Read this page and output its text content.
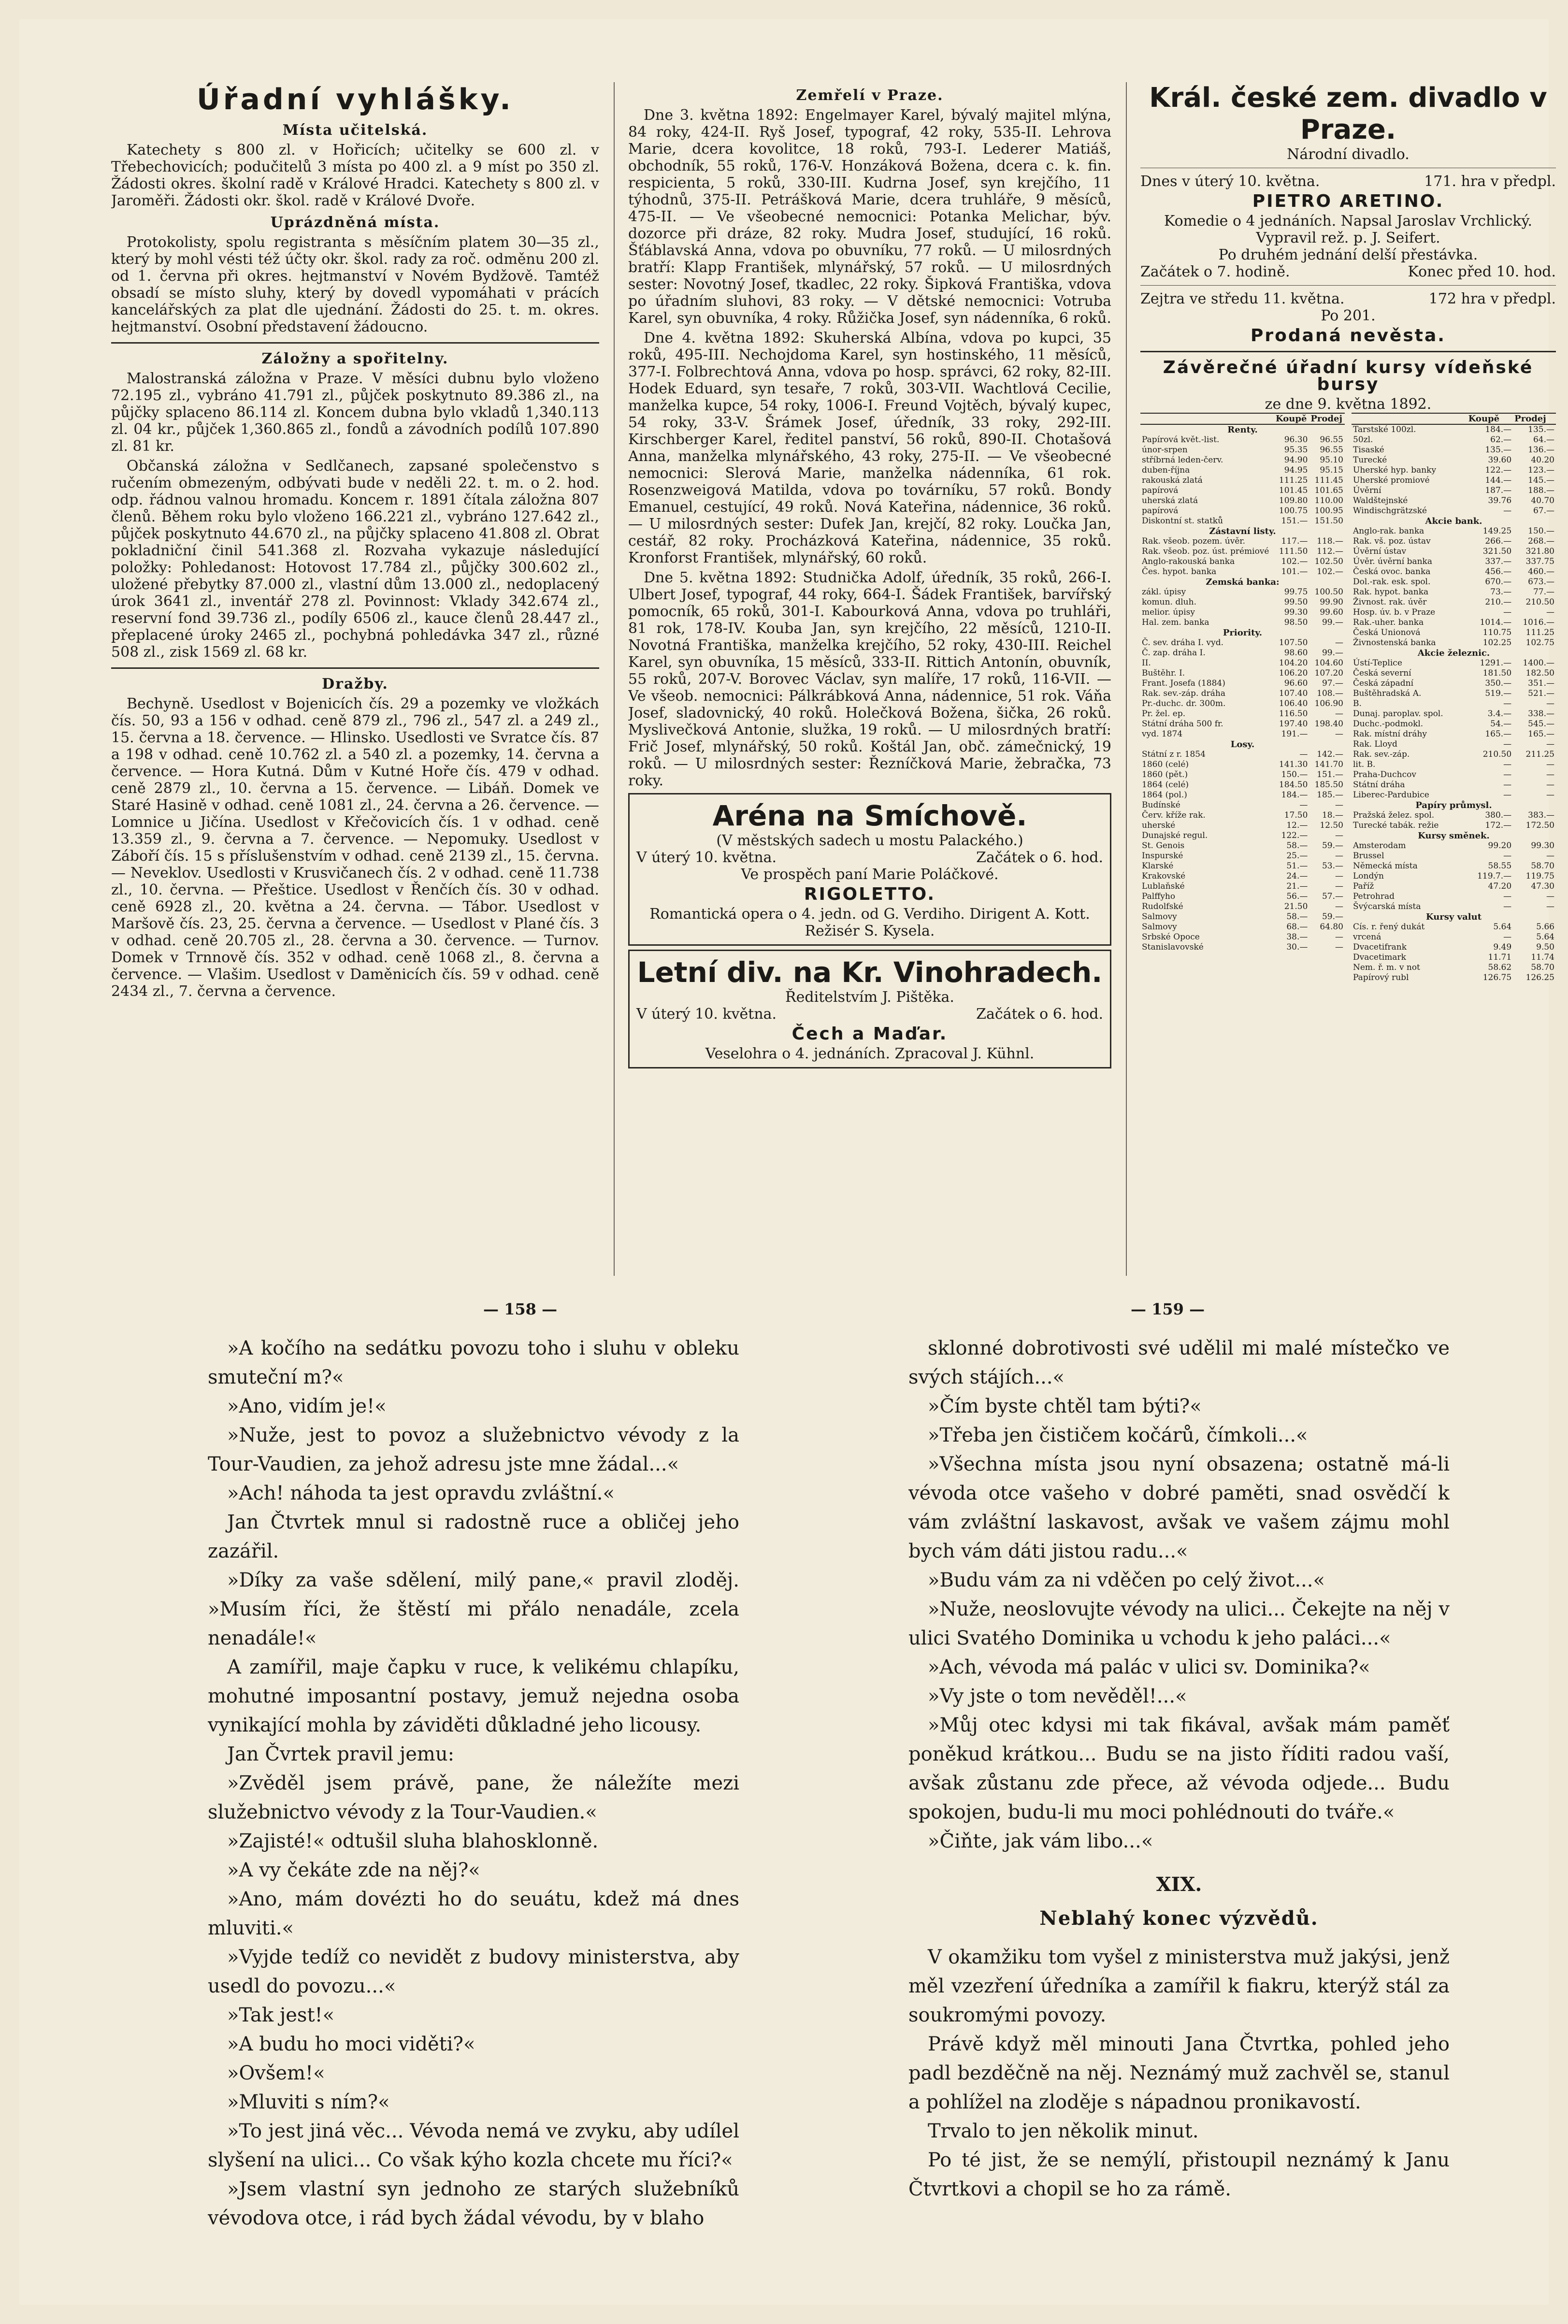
Úřadní vyhlášky.
Místa učitelská.

Katechety s 800 zl. v Hořicích; učitelky se 600 zl. v Třebechovicích; podučitelů 3 místa po 400 zl. a 9 míst po 350 zl. Žádosti okres. školní radě v Králové Hradci. Katechety s 800 zl. v Jaroměři. Žádosti okr. škol. radě v Králové Dvoře.

Uprázdněná místa.

Protokolisty, spolu registranta s měsíčním platem 30—35 zl., který by mohl vésti též účty okr. škol. rady za roč. odměnu 200 zl. od 1. června při okres. hejtmanství v Novém Bydžově. Tamtéž obsadí se místo sluhy, který by dovedl vypomáhati v prácích kancelářských za plat dle ujednání. Žádosti do 25. t. m. okres. hejtmanství. Osobní představení žádoucno.

Záložny a spořitelny.

Malostranská záložna v Praze. V měsíci dubnu bylo vloženo 72.195 zl., vybráno 41.791 zl., půjček poskytnuto 89.386 zl., na půjčky splaceno 86.114 zl. Koncem dubna bylo vkladů 1,340.113 zl. 04 kr., půjček 1,360.865 zl., fondů a závodních podílů 107.890 zl. 81 kr.

Občanská záložna v Sedlčanech, zapsané společenstvo s ručením obmezeným, odbývati bude v neděli 22. t. m. o 2. hod. odp. řádnou valnou hromadu. Koncem r. 1891 čítala záložna 807 členů. Během roku bylo vloženo 166.221 zl., vybráno 127.642 zl., půjček poskytnuto 44.670 zl., na půjčky splaceno 41.808 zl. Obrat pokladniční činil 541.368 zl. Rozvaha vykazuje následující položky: Pohledanost: Hotovost 17.784 zl., půjčky 300.602 zl., uložené přebytky 87.000 zl., vlastní dům 13.000 zl., nedoplacený úrok 3641 zl., inventář 278 zl. Povinnost: Vklady 342.674 zl., reservní fond 39.736 zl., podíly 6506 zl., kauce členů 28.447 zl., přeplacené úroky 2465 zl., pochybná pohledávka 347 zl., různé 508 zl., zisk 1569 zl. 68 kr.

Dražby.

Bechyně. Usedlost v Bojenicích čís. 29 a pozemky ve vložkách čís. 50, 93 a 156 v odhad. ceně 879 zl., 796 zl., 547 zl. a 249 zl., 15. června a 18. července. — Hlinsko. Usedlosti ve Svratce čís. 87 a 198 v odhad. ceně 10.762 zl. a 540 zl. a pozemky, 14. června a července. — Hora Kutná. Dům v Kutné Hoře čís. 479 v odhad. ceně 2879 zl., 10. června a 15. července. — Libáň. Domek ve Staré Hasině v odhad. ceně 1081 zl., 24. června a 26. července. — Lomnice u Jičína. Usedlost v Křečovicích čís. 1 v odhad. ceně 13.359 zl., 9. června a 7. července. — Nepomuky. Usedlost v Záboří čís. 15 s příslušenstvím v odhad. ceně 2139 zl., 15. června. — Neveklov. Usedlosti v Krusvičanech čís. 2 v odhad. ceně 11.738 zl., 10. června. — Přeštice. Usedlost v Řenčích čís. 30 v odhad. ceně 6928 zl., 20. května a 24. června. — Tábor. Usedlost v Maršově čís. 23, 25. června a července. — Usedlost v Plané čís. 3 v odhad. ceně 20.705 zl., 28. června a 30. července. — Turnov. Domek v Trnnově čís. 352 v odhad. ceně 1068 zl., 8. června a července. — Vlašim. Usedlost v Daměnicích čís. 59 v odhad. ceně 2434 zl., 7. června a července.

Zemřelí v Praze.

Dne 3. května 1892: Engelmayer Karel, bývalý majitel mlýna, 84 roky, 424-II. Ryš Josef, typograf, 42 roky, 535-II. Lehrova Marie, dcera kovolitce, 18 roků, 793-I. Lederer Matiáš, obchodník, 55 roků, 176-V. Honzáková Božena, dcera c. k. fin. respicienta, 5 roků, 330-III. Kudrna Josef, syn krejčího, 11 týhodnů, 375-II. Petrášková Marie, dcera truhláře, 9 měsíců, 475-II. — Ve všeobecné nemocnici: Potanka Melichar, býv. dozorce při dráze, 82 roky. Mudra Josef, studující, 16 roků. Šťáblavská Anna, vdova po obuvníku, 77 roků. — U milosrdných bratří: Klapp František, mlynářský, 57 roků. — U milosrdných sester: Novotný Josef, tkadlec, 22 roky. Šipková Františka, vdova po úřadním sluhovi, 83 roky. — V dětské nemocnici: Votruba Karel, syn obuvníka, 4 roky. Růžička Josef, syn nádenníka, 6 roků.

Dne 4. května 1892: Skuherská Albína, vdova po kupci, 35 roků, 495-III. Nechojdoma Karel, syn hostinského, 11 měsíců, 377-I. Folbrechtová Anna, vdova po hosp. správci, 62 roky, 82-III. Hodek Eduard, syn tesaře, 7 roků, 303-VII. Wachtlová Cecilie, manželka kupce, 54 roky, 1006-I. Freund Vojtěch, bývalý kupec, 54 roky, 33-V. Šrámek Josef, úředník, 33 roky, 292-III. Kirschberger Karel, ředitel panství, 56 roků, 890-II. Chotašová Anna, manželka mlynářského, 43 roky, 275-II. — Ve všeobecné nemocnici: Slerová Marie, manželka nádenníka, 61 rok. Rosenzweigová Matilda, vdova po továrníku, 57 roků. Bondy Emanuel, cestující, 49 roků. Nová Kateřina, nádennice, 36 roků. — U milosrdných sester: Dufek Jan, krejčí, 82 roky. Loučka Jan, cestář, 82 roky. Procházková Kateřina, nádennice, 35 roků. Kronforst František, mlynářský, 60 roků.

Dne 5. května 1892: Studnička Adolf, úředník, 35 roků, 266-I. Ulbert Josef, typograf, 44 roky, 664-I. Šádek František, barvířský pomocník, 65 roků, 301-I. Kabourková Anna, vdova po truhláři, 81 rok, 178-IV. Kouba Jan, syn krejčího, 22 měsíců, 1210-II. Novotná Františka, manželka krejčího, 52 roky, 430-III. Reichel Karel, syn obuvníka, 15 měsíců, 333-II. Rittich Antonín, obuvník, 55 roků, 207-V. Borovec Václav, syn malíře, 17 roků, 116-VII. — Ve všeob. nemocnici: Pálkrábková Anna, nádennice, 51 rok. Váňa Josef, sladovnický, 40 roků. Holečková Božena, šička, 26 roků. Myslivečková Antonie, služka, 19 roků. — U milosrdných bratří: Frič Josef, mlynářský, 50 roků. Koštál Jan, obč. zámečnický, 19 roků. — U milosrdných sester: Řezníčková Marie, žebračka, 73 roky.

Aréna na Smíchově.
(V městských sadech u mostu Palackého.)
V úterý 10. května.	Začátek o 6. hod.
Ve prospěch paní Marie Poláčkové.
RIGOLETTO.
Romantická opera o 4. jedn. od G. Verdiho. Dirigent A. Kott. Režisér S. Kysela.
Letní div. na Kr. Vinohradech.
Ředitelstvím J. Pištěka.
V úterý 10. května.	Začátek o 6. hod.
Čech a Maďar.
Veselohra o 4. jednáních. Zpracoval J. Kühnl.
Král. české zem. divadlo v Praze.
Národní divadlo.
Dnes v úterý 10. května.	171. hra v předpl.
PIETRO ARETINO.
Komedie o 4 jednáních. Napsal Jaroslav Vrchlický. Vypravil rež. p. J. Seifert.
Po druhém jednání delší přestávka.
Začátek o 7. hodině.	Konec před 10. hod.
Zejtra ve středu 11. května.	172 hra v předpl.
Po 201.
Prodaná nevěsta.
Závěrečné úřadní kursy vídeňské bursy
ze dne 9. května 1892.
	Koupě	Prodej
Renty.		
Papírová květ.-list.	96.30	96.55
únor-srpen	95.35	96.55
stříbrná leden-červ.	94.90	95.10
duben-října	94.95	95.15
rakouská zlatá	111.25	111.45
papírová	101.45	101.65
uherská zlatá	109.80	110.00
papírová	100.75	100.95
Diskontní st. statků	151.—	151.50
Zástavní listy.		
Rak. všeob. pozem. úvěr.	117.—	118.—
Rak. všeob. poz. úst. prémiové	111.50	112.—
Anglo-rakouská banka	102.—	102.50
Čes. hypot. banka	101.—	102.—
Zemská banka:		
zákl. úpisy	99.75	100.50
komun. dluh.	99.50	99.90
melior. úpisy	99.30	99.60
Hal. zem. banka	98.50	99.—
Priority.		
Č. sev. dráha I. vyd.	107.50	—
Č. zap. dráha I.	98.60	99.—
II.	104.20	104.60
Buštěhr. I.	106.20	107.20
Frant. Josefa (1884)	96.60	97.—
Rak. sev.-záp. dráha	107.40	108.—
Pr.-duchc. dr. 300m.	106.40	106.90
Pr. žel. ep.	116.50	—
Státní dráha 500 fr.	197.40	198.40
vyd. 1874	191.—	—
Losy.		
Státní z r. 1854	—	142.—
1860 (celé)	141.30	141.70
1860 (pět.)	150.—	151.—
1864 (celé)	184.50	185.50
1864 (pol.)	184.—	185.—
Budínské	—	—
Červ. kříže rak.	17.50	18.—
uherské	12.—	12.50
Dunajské regul.	122.—	—
St. Genois	58.—	59.—
Inspurské	25.—	—
Klarské	51.—	53.—
Krakovské	24.—	—
Lublaňské	21.—	—
Palffyho	56.—	57.—
Rudolfské	21.50	—
Salmovy	58.—	59.—
Salmovy	68.—	64.80
Srbské Opoce	38.—	—
Stanislavovské	30.—	—
	Koupě	Prodej
Tarstské 100zl.	184.—	135.—
50zl.	62.—	64.—
Tisaské	135.—	136.—
Turecké	39.60	40.20
Uherské hyp. banky	122.—	123.—
Uherské promiové	144.—	145.—
Úvěrní	187.—	188.—
Waldštejnské	39.76	40.70
Windischgrätzské	—	67.—
Akcie bank.		
Anglo-rak. banka	149.25	150.—
Rak. vš. poz. ústav	266.—	268.—
Úvěrní ústav	321.50	321.80
Úvěr. úvěrní banka	337.—	337.75
Česká ovoc. banka	456.—	460.—
Dol.-rak. esk. spol.	670.—	673.—
Rak. hypot. banka	73.—	77.—
Živnost. rak. úvěr	210.—	210.50
Hosp. úv. b. v Praze	—	—
Rak.-uher. banka	1014.—	1016.—
Česká Unionová	110.75	111.25
Živnostenská banka	102.25	102.75
Akcie železnic.		
Ústí-Teplice	1291.—	1400.—
Česká severní	181.50	182.50
Česká západní	350.—	351.—
Buštěhradská A.	519.—	521.—
B.	—	—
Dunaj. paroplav. spol.	3.4.—	338.—
Duchc.-podmokl.	54.—	545.—
Rak. místní dráhy	165.—	165.—
Rak. Lloyd	—	—
Rak. sev.-záp.	210.50	211.25
lit. B.	—	—
Praha-Duchcov	—	—
Státní dráha	—	—
Liberec-Pardubice	—	—
Papíry průmysl.		
Pražská želez. spol.	380.—	383.—
Turecké tabák. režie	172.—	172.50
Kursy směnek.		
Amsterodam	99.20	99.30
Brussel	—	—
Německá místa	58.55	58.70
Londýn	119.7.—	119.75
Paříž	47.20	47.30
Petrohrad	—	—
Švýcarská místa	—	—
Kursy valut		
Cís. r. řený dukát	5.64	5.66
vrcená	—	5.64
Dvacetifrank	9.49	9.50
Dvacetimark	11.71	11.74
Nem. ř. m. v not	58.62	58.70
Papírový rubl	126.75	126.25
— 158 —	— 159 —

»A kočího na sedátku povozu toho i sluhu v obleku smuteční m?«

»Ano, vidím je!«

»Nuže, jest to povoz a služebnictvo vévody z la Tour-Vaudien, za jehož adresu jste mne žádal...«

»Ach! náhoda ta jest opravdu zvláštní.«

Jan Čtvrtek mnul si radostně ruce a obličej jeho zazářil.

»Díky za vaše sdělení, milý pane,« pravil zloděj. »Musím říci, že štěstí mi přálo nenadále, zcela nenadále!«

A zamířil, maje čapku v ruce, k velikému chlapíku, mohutné imposantní postavy, jemuž nejedna osoba vynikající mohla by záviděti důkladné jeho licousy.

Jan Čvrtek pravil jemu:

»Zvěděl jsem právě, pane, že náležíte mezi služebnictvo vévody z la Tour-Vaudien.«

»Zajisté!« odtušil sluha blahosklonně.

»A vy čekáte zde na něj?«

»Ano, mám dovézti ho do seuátu, kdež má dnes mluviti.«

»Vyjde tedíž co nevidět z budovy ministerstva, aby usedl do povozu...«

»Tak jest!«

»A budu ho moci viděti?«

»Ovšem!«

»Mluviti s ním?«

»To jest jiná věc... Vévoda nemá ve zvyku, aby udílel slyšení na ulici... Co však kýho kozla chcete mu říci?«

»Jsem vlastní syn jednoho ze starých služebníků vévodova otce, i rád bych žádal vévodu, by v blaho

sklonné dobrotivosti své udělil mi malé místečko ve svých stájích...«

»Čím byste chtěl tam býti?«

»Třeba jen čističem kočárů, čímkoli...«

»Všechna místa jsou nyní obsazena; ostatně má-li vévoda otce vašeho v dobré paměti, snad osvědčí k vám zvláštní laskavost, avšak ve vašem zájmu mohl bych vám dáti jistou radu...«

»Budu vám za ni vděčen po celý život...«

»Nuže, neoslovujte vévody na ulici... Čekejte na něj v ulici Svatého Dominika u vchodu k jeho paláci...«

»Ach, vévoda má palác v ulici sv. Dominika?«

»Vy jste o tom nevěděl!...«

»Můj otec kdysi mi tak fikával, avšak mám paměť poněkud krátkou... Budu se na jisto říditi radou vaší, avšak zůstanu zde přece, až vévoda odjede... Budu spokojen, budu-li mu moci pohlédnouti do tváře.«

»Čiňte, jak vám libo...«

XIX.
Neblahý konec výzvědů.

V okamžiku tom vyšel z ministerstva muž jakýsi, jenž měl vzezření úředníka a zamířil k fiakru, kterýž stál za soukromými povozy.

Právě když měl minouti Jana Čtvrtka, pohled jeho padl bezděčně na něj. Neznámý muž zachvěl se, stanul a pohlížel na zloděje s nápadnou pronikavostí.

Trvalo to jen několik minut.

Po té jist, že se nemýlí, přistoupil neznámý k Janu Čtvrtkovi a chopil se ho za rámě.
